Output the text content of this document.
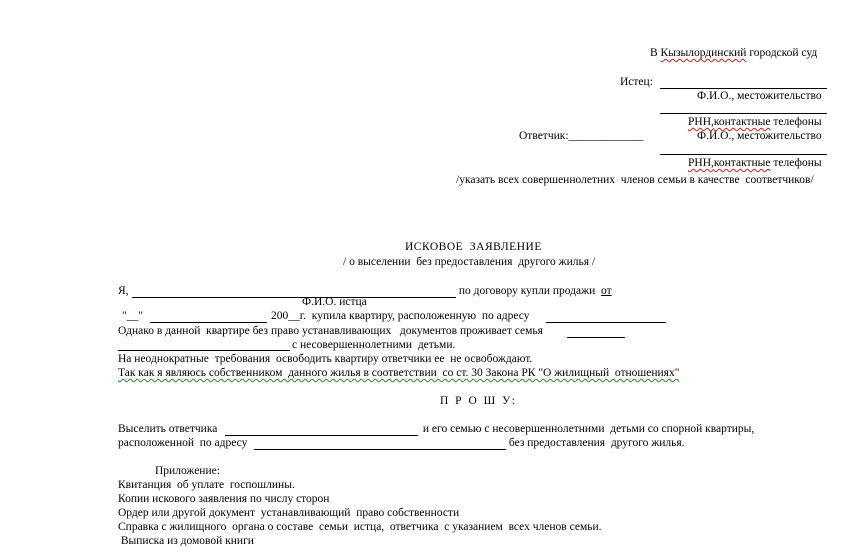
В Кызылординский городской суд
Истец:
Ф.И.О., местожительство
РНН,контактные телефоны
Ответчик:_____________	Ф.И.О., местожительство
РНН,контактные телефоны
/указать всех совершеннолетних  членов семьи в качестве  соответчиков/
ИСКОВОЕ  ЗАЯВЛЕНИЕ
/ о выселении  без предоставления  другого жилья /
Я,	по договору купли продажи  от
Ф.И.О. истца
"__"	200__г.  купила квартиру, расположенную  по адресу
Однако в данной  квартире без право устанавливающих   документов проживает семья
с несовершеннолетними  детьми.
На неоднократные  требования  освободить квартиру ответчики ее  не освобождают.
Так как я являюсь собственником  данного жилья в соответствии  со ст. 30 Закона РК "О жилищный  отношениях"
П Р О Ш У:
Выселить ответчика	и его семью с несовершеннолетними  детьми со спорной квартиры,
расположенной  по адресу	без предоставления  другого жилья.
Приложение:
Квитанция  об уплате  госпошлины.
Копии искового заявления по числу сторон
Ордер или другой документ  устанавливающий  право собственности
Справка с жилищного  органа о составе  семьи  истца,  ответчика  с указанием  всех членов семьи.
Выписка из домовой книги
